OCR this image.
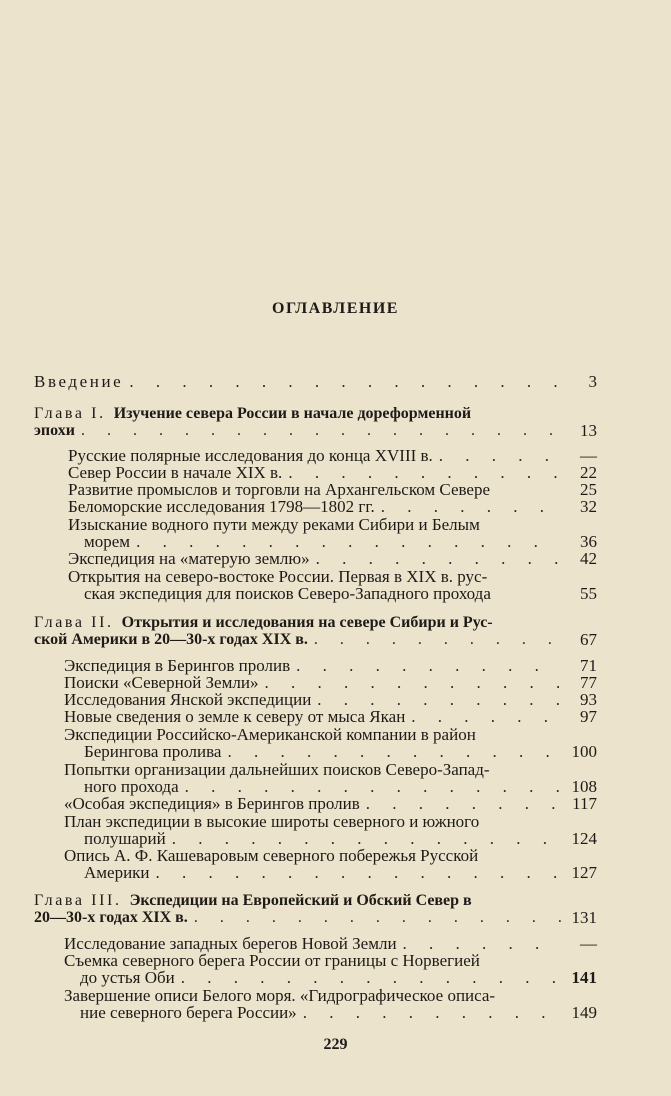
ОГЛАВЛЕНИЕ
Введение . . .	3
Глава I. Изучение севера России в начале дореформенной
эпохи . . .	13
Русские полярные исследования до конца XVIII в. . . .	—
Север России в начале XIX в. . . .	22
Развитие промыслов и торговли на Архангельском Севере	25
Беломорские исследования 1798—1802 гг. . . .	32
Изыскание водного пути между реками Сибири и Белым
морем . . .	36
Экспедиция на «матерую землю» . . .	42
Открытия на северо-востоке России. Первая в XIX в. рус-
ская экспедиция для поисков Северо-Западного прохода	55
Глава II. Открытия и исследования на севере Сибири и Рус-
ской Америки в 20—30-х годах XIX в. . . .	67
Экспедиция в Берингов пролив . . .	71
Поиски «Северной Земли» . . .	77
Исследования Янской экспедиции . . .	93
Новые сведения о земле к северу от мыса Якан . . .	97
Экспедиции Российско-Американской компании в район
Берингова пролива . . .	100
Попытки организации дальнейших поисков Северо-Запад-
ного прохода . . .	108
«Особая экспедиция» в Берингов пролив . . .	117
План экспедиции в высокие широты северного и южного
полушарий . . .	124
Опись А. Ф. Кашеваровым северного побережья Русской
Америки . . .	127
Глава III. Экспедиции на Европейский и Обский Север в
20—30-х годах XIX в. . . .	131
Исследование западных берегов Новой Земли . . .	—
Съемка северного берега России от границы с Норвегией
до устья Оби . . .	141
Завершение описи Белого моря. «Гидрографическое описа-
ние северного берега России» . . .	149
229
